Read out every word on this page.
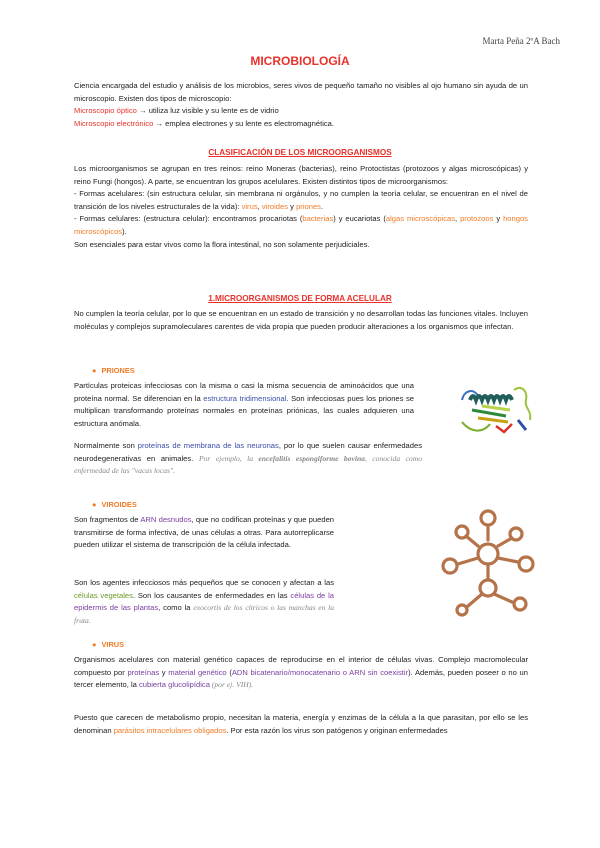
Marta Peña 2ºA Bach
MICROBIOLOGÍA
Ciencia encargada del estudio y análisis de los microbios, seres vivos de pequeño tamaño no visibles al ojo humano sin ayuda de un microscopio. Existen dos tipos de microscopio:
Microscopio óptico → utiliza luz visible y su lente es de vidrio
Microscopio electrónico → emplea electrones y su lente es electromagnética.
CLASIFICACIÓN DE LOS MICROORGANISMOS
Los microorganismos se agrupan en tres reinos: reino Moneras (bacterias), reino Protoctistas (protozoos y algas microscópicas) y reino Fungi (hongos). A parte, se encuentran los grupos acelulares. Existen distintos tipos de microorganismos:
- Formas acelulares: (sin estructura celular, sin membrana ni orgánulos, y no cumplen la teoría celular, se encuentran en el nivel de transición de los niveles estructurales de la vida): virus, viroides y priones.
- Formas celulares: (estructura celular): encontramos procariotas (bacterias) y eucariotas (algas microscópicas, protozoos y hongos microscópicos).
Son esenciales para estar vivos como la flora intestinal, no son solamente perjudiciales.
1.MICROORGANISMOS DE FORMA ACELULAR
No cumplen la teoría celular, por lo que se encuentran en un estado de transición y no desarrollan todas las funciones vitales. Incluyen moléculas y complejos supramoleculares carentes de vida propia que pueden producir alteraciones a los organismos que infectan.
● PRIONES
Partículas proteicas infecciosas con la misma o casi la misma secuencia de aminoácidos que una proteína normal. Se diferencian en la estructura tridimensional. Son infecciosas pues los priones se multiplican transformando proteínas normales en proteínas priónicas, las cuales adquieren una estructura anómala.
Normalmente son proteínas de membrana de las neuronas, por lo que suelen causar enfermedades neurodegenerativas en animales. Por ejemplo, la encefalitis espongiforme bovina, conocida como enfermedad de las "vacas locas".
● VIROIDES
Son fragmentos de ARN desnudos, que no codifican proteínas y que pueden transmitirse de forma infectiva, de unas células a otras. Para autorreplicarse pueden utilizar el sistema de transcripción de la célula infectada.
Son los agentes infecciosos más pequeños que se conocen y afectan a las células vegetales. Son los causantes de enfermedades en las células de la epidermis de las plantas, como la exocortis de los cítricos o las manchas en la fruta.
● VIRUS
Organismos acelulares con material genético capaces de reproducirse en el interior de células vivas. Complejo macromolecular compuesto por proteínas y material genético (ADN bicatenario/monocatenario o ARN sin coexistir). Además, pueden poseer o no un tercer elemento, la cubierta glucolipídica (por ej. VIH).
Puesto que carecen de metabolismo propio, necesitan la materia, energía y enzimas de la célula a la que parasitan, por ello se les denominan parásitos intracelulares obligados. Por esta razón los virus son patógenos y originan enfermedades
